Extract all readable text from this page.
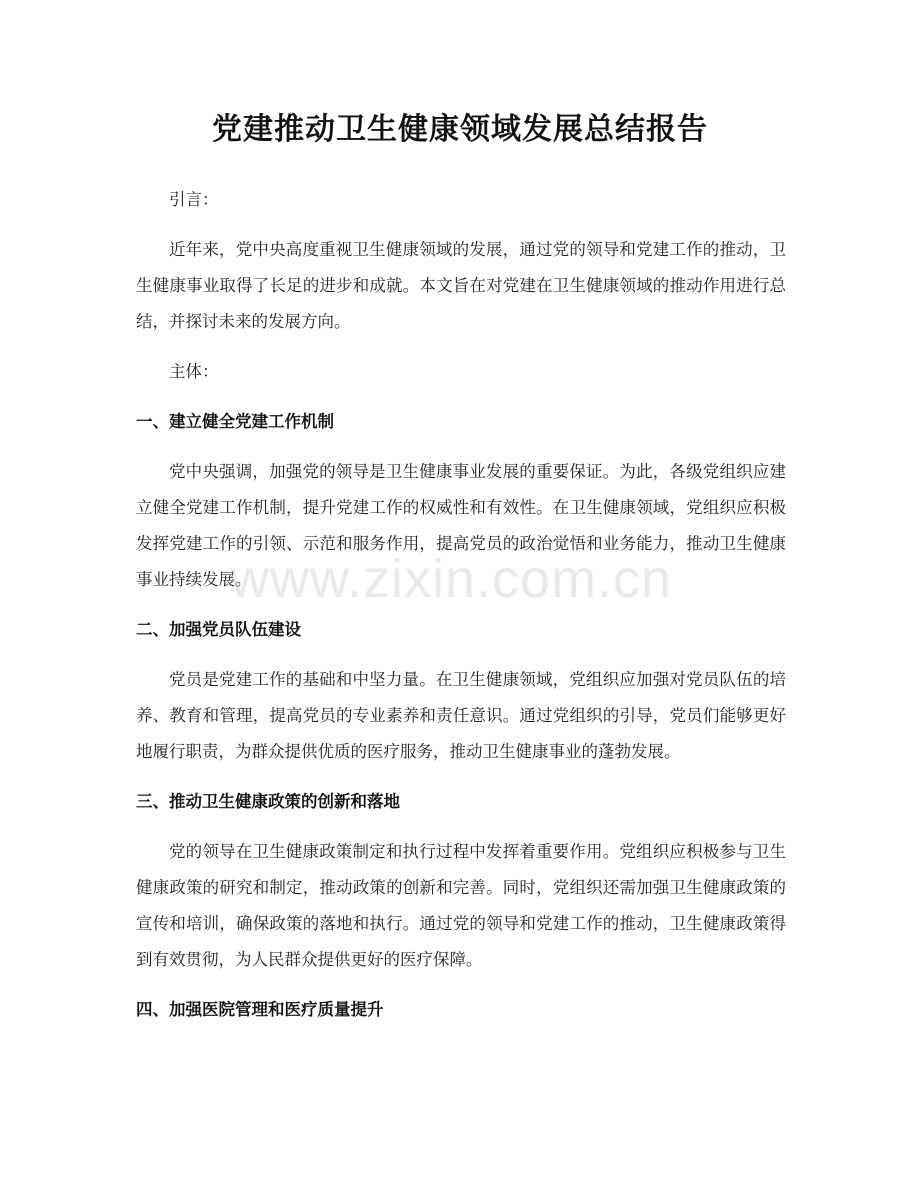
党建推动卫生健康领域发展总结报告

引言：

近年来，党中央高度重视卫生健康领域的发展，通过党的领导和党建工作的推动，卫生健康事业取得了长足的进步和成就。本文旨在对党建在卫生健康领域的推动作用进行总结，并探讨未来的发展方向。

主体：

一、建立健全党建工作机制

党中央强调，加强党的领导是卫生健康事业发展的重要保证。为此，各级党组织应建立健全党建工作机制，提升党建工作的权威性和有效性。在卫生健康领域，党组织应积极发挥党建工作的引领、示范和服务作用，提高党员的政治觉悟和业务能力，推动卫生健康事业持续发展。

二、加强党员队伍建设

党员是党建工作的基础和中坚力量。在卫生健康领域，党组织应加强对党员队伍的培养、教育和管理，提高党员的专业素养和责任意识。通过党组织的引导，党员们能够更好地履行职责，为群众提供优质的医疗服务，推动卫生健康事业的蓬勃发展。

三、推动卫生健康政策的创新和落地

党的领导在卫生健康政策制定和执行过程中发挥着重要作用。党组织应积极参与卫生健康政策的研究和制定，推动政策的创新和完善。同时，党组织还需加强卫生健康政策的宣传和培训，确保政策的落地和执行。通过党的领导和党建工作的推动，卫生健康政策得到有效贯彻，为人民群众提供更好的医疗保障。

四、加强医院管理和医疗质量提升

www.zixin.com.cn
